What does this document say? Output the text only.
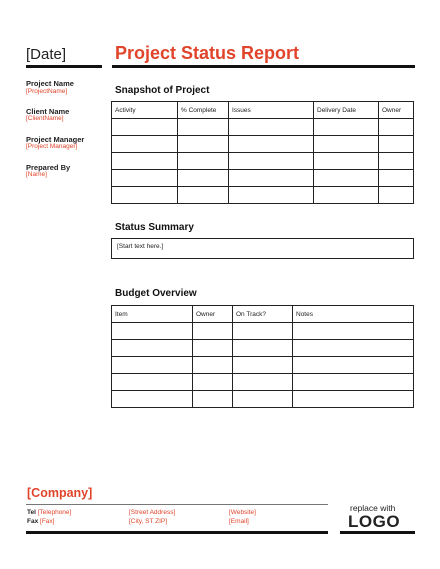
[Date]	Project Status Report
Project Name
[ProjectName]
Client Name
[ClientName]
Project Manager
[Project Manager]
Prepared By
[Name]
Snapshot of Project
Activity	% Complete	Issues	Delivery Date	Owner

Status Summary
[Start text here.]
Budget Overview
Item	Owner	On Track?	Notes

[Company]
Tel [Telephone]
Fax [Fax]
[Street Address]
[City, ST ZIP]
[Website]
[Email]
replace with
LOGO
